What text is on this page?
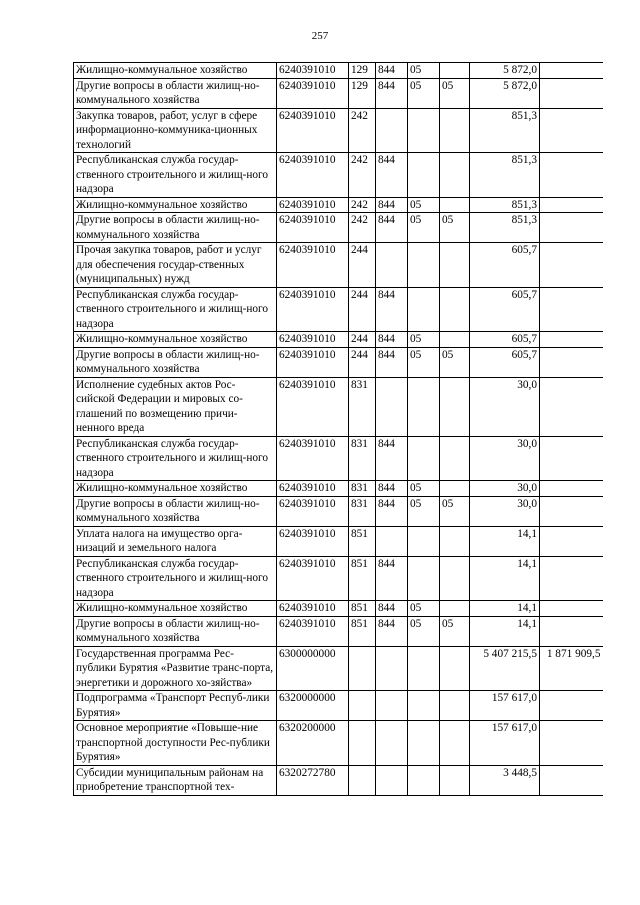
257
Жилищно-коммунальное хозяйство	6240391010	129	844	05		5 872,0	
Другие вопросы в области жилищ-но-коммунального хозяйства	6240391010	129	844	05	05	5 872,0	
Закупка товаров, работ, услуг в сфере информационно-коммуника-ционных технологий	6240391010	242				851,3	
Республиканская служба государ-ственного строительного и жилищ-ного надзора	6240391010	242	844			851,3	
Жилищно-коммунальное хозяйство	6240391010	242	844	05		851,3	
Другие вопросы в области жилищ-но-коммунального хозяйства	6240391010	242	844	05	05	851,3	
Прочая закупка товаров, работ и услуг для обеспечения государ-ственных (муниципальных) нужд	6240391010	244				605,7	
Республиканская служба государ-ственного строительного и жилищ-ного надзора	6240391010	244	844			605,7	
Жилищно-коммунальное хозяйство	6240391010	244	844	05		605,7	
Другие вопросы в области жилищ-но-коммунального хозяйства	6240391010	244	844	05	05	605,7	
Исполнение судебных актов Рос-сийской Федерации и мировых со-глашений по возмещению причи-ненного вреда	6240391010	831				30,0	
Республиканская служба государ-ственного строительного и жилищ-ного надзора	6240391010	831	844			30,0	
Жилищно-коммунальное хозяйство	6240391010	831	844	05		30,0	
Другие вопросы в области жилищ-но-коммунального хозяйства	6240391010	831	844	05	05	30,0	
Уплата налога на имущество орга-низаций и земельного налога	6240391010	851				14,1	
Республиканская служба государ-ственного строительного и жилищ-ного надзора	6240391010	851	844			14,1	
Жилищно-коммунальное хозяйство	6240391010	851	844	05		14,1	
Другие вопросы в области жилищ-но-коммунального хозяйства	6240391010	851	844	05	05	14,1	
Государственная программа Рес-публики Бурятия «Развитие транс-порта, энергетики и дорожного хо-зяйства»	6300000000					5 407 215,5	1 871 909,5
Подпрограмма «Транспорт Респуб-лики Бурятия»	6320000000					157 617,0	
Основное мероприятие «Повыше-ние транспортной доступности Рес-публики Бурятия»	6320200000					157 617,0	
Субсидии муниципальным районам на приобретение транспортной тех-	6320272780					3 448,5	
